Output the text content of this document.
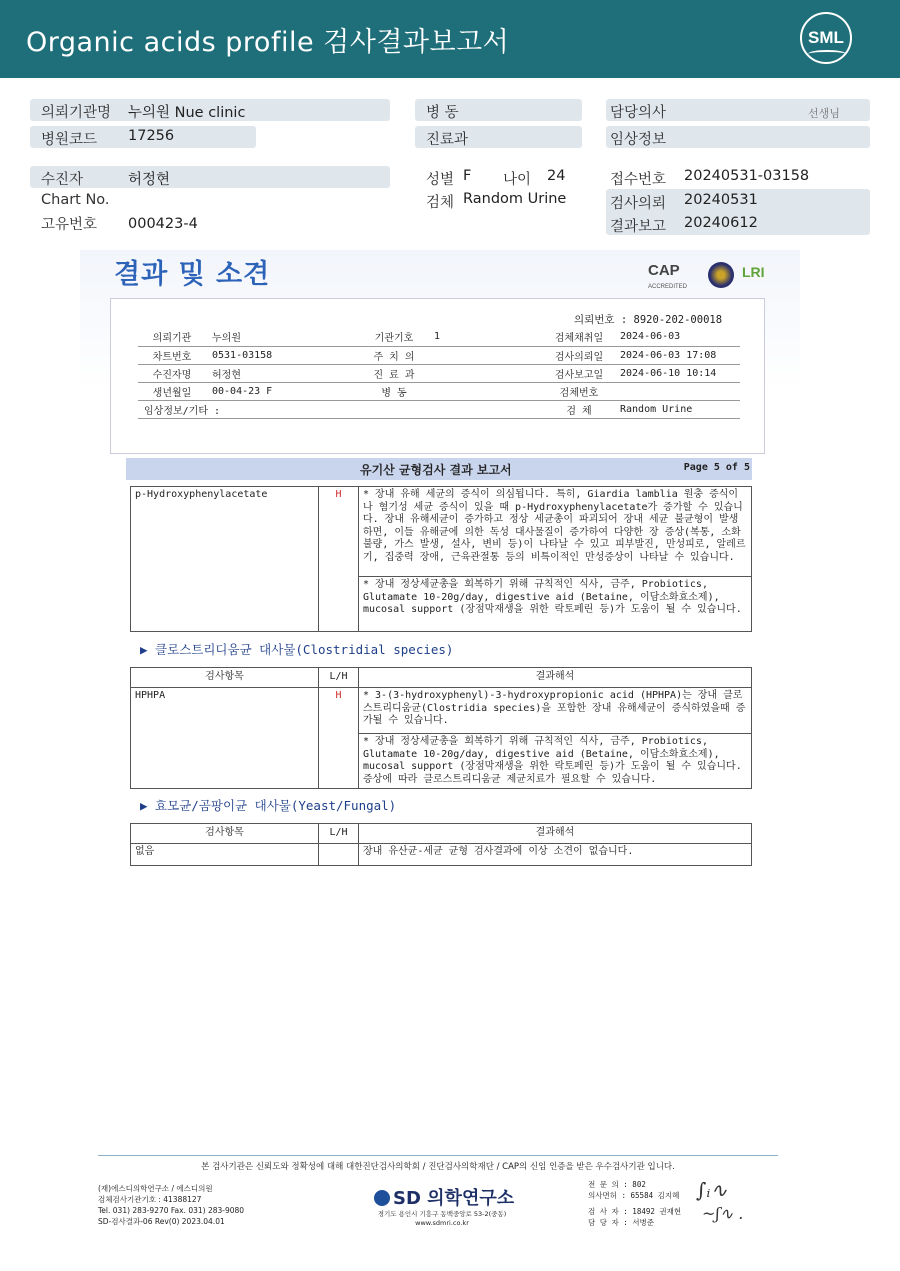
Organic acids profile 검사결과보고서	SML
의뢰기관명 누의원 Nue clinic
병원코드 17256
병 동
진료과
담당의사	선생님
임상정보
수진자	허정현
Chart No.
고유번호 000423-4
성별 F 나이 24
검체 Random Urine
접수번호 20240531-03158
검사의뢰 20240531
결과보고 20240612
결과 및 소견	CAP
ACCREDITED
LRI
의뢰번호 : 8920-202-00018
의뢰기관	누의원	기관기호	1	검체채취일	2024-06-03
차트번호	0531-03158	주 치 의		검사의뢰일	2024-06-03 17:08
수진자명	허정현	진 료 과		검사보고일	2024-06-10 10:14
생년월일	00-04-23 F	병 동		검체번호	
임상정보/기타 :				검 체	Random Urine
유기산 균형검사 결과 보고서	Page 5 of 5
p-Hydroxyphenylacetate	H	* 장내 유해 세균의 증식이 의심됩니다. 특히, Giardia lamblia 원충 증식이나 혐기성 세균 증식이 있을 때 p-Hydroxyphenylacetate가 증가할 수 있습니다. 장내 유해세균이 증가하고 정상 세균총이 파괴되어 장내 세균 불균형이 발생하면, 이들 유해균에 의한 독성 대사물질이 증가하여 다양한 장 증상(복통, 소화불량, 가스 발생, 설사, 변비 등)이 나타날 수 있고 피부발진, 만성피로, 알레르기, 집중력 장애, 근육관절통 등의 비특이적인 만성증상이 나타날 수 있습니다.
* 장내 정상세균총을 회복하기 위해 규칙적인 식사, 금주, Probiotics, Glutamate 10-20g/day, digestive aid (Betaine, 이담소화효소제), mucosal support (장점막재생을 위한 락토페린 등)가 도움이 될 수 있습니다.
▶ 클로스트리디움균 대사물(Clostridial species)
검사항목	L/H	결과해석
HPHPA	H	* 3-(3-hydroxyphenyl)-3-hydroxypropionic acid (HPHPA)는 장내 클로스트리디움균(Clostridia species)을 포함한 장내 유해세균이 증식하였을때 증가될 수 있습니다.
		* 장내 정상세균총을 회복하기 위해 규칙적인 식사, 금주, Probiotics, Glutamate 10-20g/day, digestive aid (Betaine, 이담소화효소제), mucosal support (장점막재생을 위한 락토페린 등)가 도움이 될 수 있습니다. 증상에 따라 클로스트리디움균 제균치료가 필요할 수 있습니다.
▶ 효모균/곰팡이균 대사물(Yeast/Fungal)
검사항목	L/H	결과해석
없음		장내 유산균-세균 균형 검사결과에 이상 소견이 없습니다.
본 검사기관은 신뢰도와 정확성에 대해 대한진단검사의학회 / 진단검사의학재단 / CAP의 신임 인증을 받은 우수검사기관 입니다.
(재)에스디의학연구소 / 에스디의원
검체검사기관기호 : 41388127
Tel. 031) 283-9270 Fax. 031) 283-9080
SD-검사결과-06 Rev(0) 2023.04.01
SD 의학연구소
경기도 용인시 기흥구 동백중앙로 53-2(중동)
www.sdmri.co.kr
전 문 의 : 802
의사면허 : 65584 김지혜
검 사 자 : 18492 권재현
담 당 자 : 서병준
∫ᵢ∿
~ʃ∿ .
